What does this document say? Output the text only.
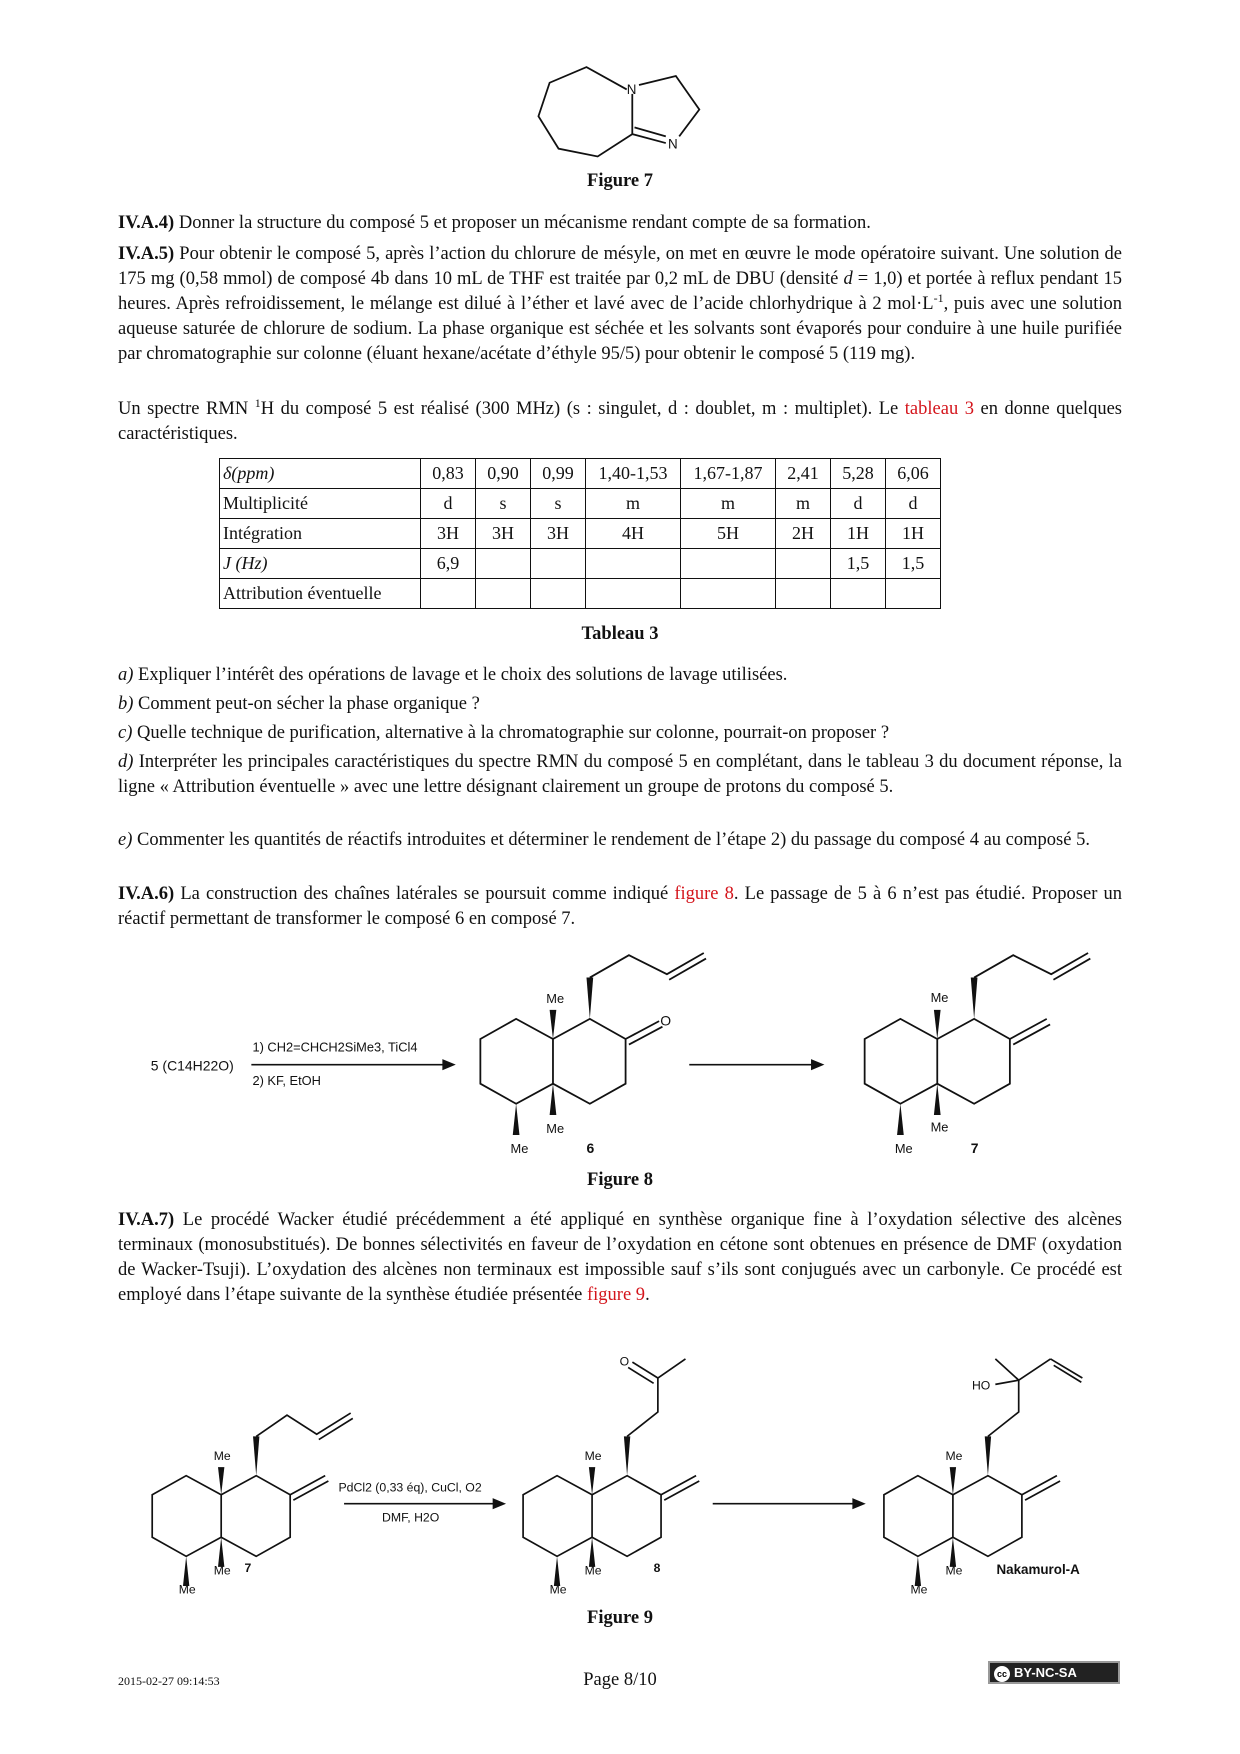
N
N
5 (C14H22O)
1) CH2=CHCH2SiMe3, TiCl4
2) KF, EtOH
O
Me
Me
Me	6
Me
Me
Me	7
Me
Me
Me
7
PdCl2 (0,33 éq), CuCl, O2
DMF, H2O
O
Me
Me
Me
8
HO
Me
Me
Me
Nakamurol-A
Figure 7
IV.A.4) Donner la structure du composé 5 et proposer un mécanisme rendant compte de sa formation.
IV.A.5) Pour obtenir le composé 5, après l’action du chlorure de mésyle, on met en œuvre le mode opératoire suivant. Une solution de 175 mg (0,58 mmol) de composé 4b dans 10 mL de THF est traitée par 0,2 mL de DBU (densité d = 1,0) et portée à reflux pendant 15 heures. Après refroidissement, le mélange est dilué à l’éther et lavé avec de l’acide chlorhydrique à 2 $mol\cdot L^{-1}$, puis avec une solution aqueuse saturée de chlorure de sodium. La phase organique est séchée et les solvants sont évaporés pour conduire à une huile purifiée par chromatographie sur colonne (éluant hexane/acétate d’éthyle 95/5) pour obtenir le composé 5 (119 mg).
Un spectre RMN $^1$H du composé 5 est réalisé (300 MHz) (s : singulet, d : doublet, m : multiplet). Le tableau 3 en donne quelques caractéristiques.
δ(ppm)	0,83	0,90	0,99	1,40-1,53	1,67-1,87	2,41	5,28	6,06
Multiplicité	d	s	s	m	m	m	d	d
Intégration	3H	3H	3H	4H	5H	2H	1H	1H
J (Hz)	6,9						1,5	1,5
Attribution éventuelle								
Tableau 3
a) Expliquer l’intérêt des opérations de lavage et le choix des solutions de lavage utilisées.
b) Comment peut-on sécher la phase organique ?
c) Quelle technique de purification, alternative à la chromatographie sur colonne, pourrait-on proposer ?
d) Interpréter les principales caractéristiques du spectre RMN du composé 5 en complétant, dans le tableau 3 du document réponse, la ligne « Attribution éventuelle » avec une lettre désignant clairement un groupe de protons du composé 5.
e) Commenter les quantités de réactifs introduites et déterminer le rendement de l’étape 2) du passage du composé 4 au composé 5.
IV.A.6) La construction des chaînes latérales se poursuit comme indiqué figure 8. Le passage de 5 à 6 n’est pas étudié. Proposer un réactif permettant de transformer le composé 6 en composé 7.
Figure 8
IV.A.7) Le procédé Wacker étudié précédemment a été appliqué en synthèse organique fine à l’oxydation sélective des alcènes terminaux (monosubstitués). De bonnes sélectivités en faveur de l’oxydation en cétone sont obtenues en présence de DMF (oxydation de Wacker-Tsuji). L’oxydation des alcènes non terminaux est impossible sauf s’ils sont conjugués avec un carbonyle. Ce procédé est employé dans l’étape suivante de la synthèse étudiée présentée figure 9.
Figure 9
2015-02-27 09:14:53	Page 8/10	cc BY-NC-SA
